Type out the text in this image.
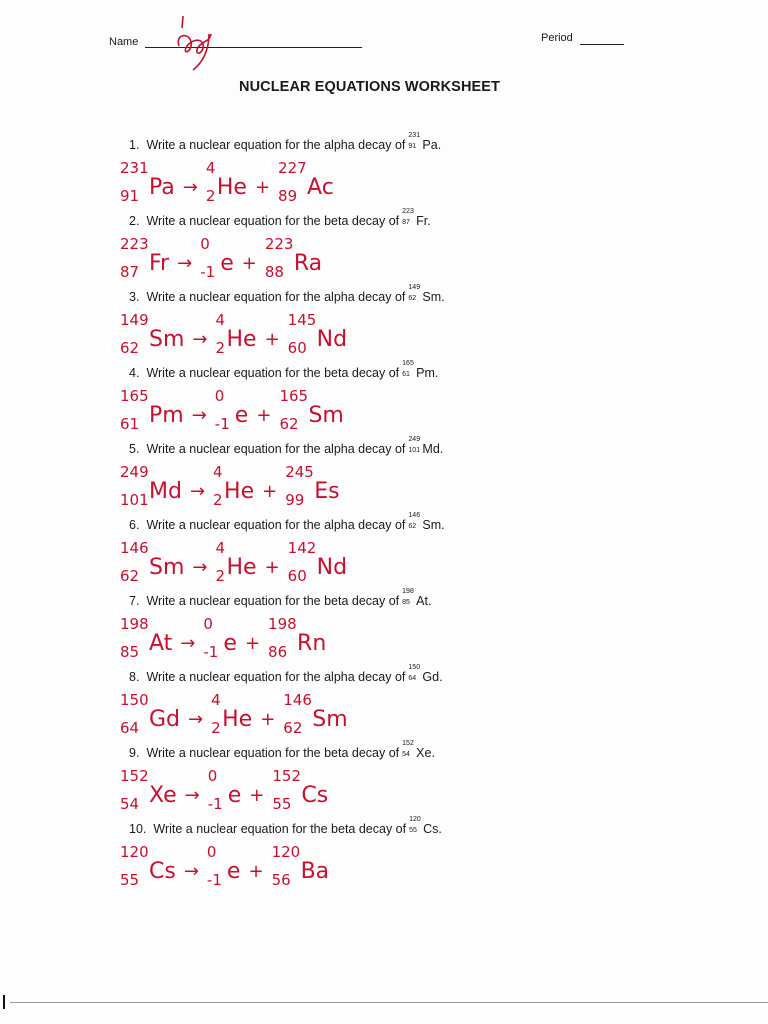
Name	Period
NUCLEAR EQUATIONS WORKSHEET
1. Write a nuclear equation for the alpha decay of
231
91 Pa.
231
91 Pa →
4
2 He +
227
89 Ac
2. Write a nuclear equation for the beta decay of
223
87 Fr.
223
87 Fr →
0
-1 e +
223
88 Ra
3. Write a nuclear equation for the alpha decay of
149
62 Sm.
149
62 Sm →
4
2 He +
145
60 Nd
4. Write a nuclear equation for the beta decay of
165
61 Pm.
165
61 Pm →
0
-1 e +
165
62 Sm
5. Write a nuclear equation for the alpha decay of
249
101 Md.
249
101 Md →
4
2 He +
245
99 Es
6. Write a nuclear equation for the alpha decay of
146
62 Sm.
146
62 Sm →
4
2 He +
142
60 Nd
7. Write a nuclear equation for the beta decay of
198
85 At.
198
85 At →
0
-1 e +
198
86 Rn
8. Write a nuclear equation for the alpha decay of
150
64 Gd.
150
64 Gd →
4
2 He +
146
62 Sm
9. Write a nuclear equation for the beta decay of
152
54 Xe.
152
54 Xe →
0
-1 e +
152
55 Cs
10. Write a nuclear equation for the beta decay of
120
55 Cs.
120
55 Cs →
0
-1 e +
120
56 Ba
